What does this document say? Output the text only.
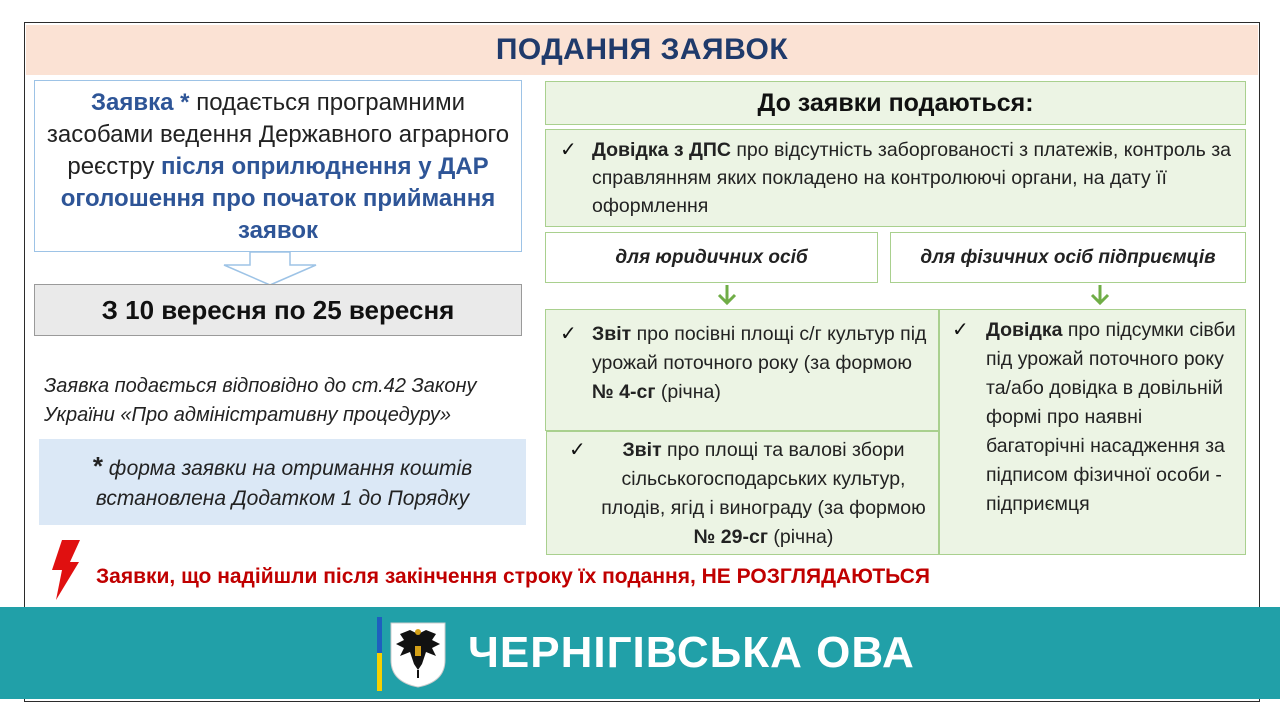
ПОДАННЯ ЗАЯВОК
Заявка * подається програмними засобами ведення Державного аграрного реєстру після оприлюднення у ДАР оголошення про початок приймання заявок
З 10 вересня по 25 вересня
Заявка подається відповідно до ст.42 Закону України «Про адміністративну процедуру»
* форма заявки на отримання коштів встановлена Додатком 1 до Порядку
До заявки подаються:
✓ Довідка з ДПС про відсутність заборгованості з платежів, контроль за справлянням яких покладено на контролюючі органи, на дату її оформлення
для юридичних осіб	для фізичних осіб підприємців
✓ Звіт про посівні площі с/г культур під урожай поточного року (за формою № 4-сг (річна)
✓ Звіт про площі та валові збори сільськогосподарських культур, плодів, ягід і винограду (за формою № 29-сг (річна)
✓ Довідка про підсумки сівби під урожай поточного року та/або довідка в довільній формі про наявні багаторічні насадження за підписом фізичної особи - підприємця
Заявки, що надійшли після закінчення строку їх подання, НЕ РОЗГЛЯДАЮТЬСЯ
ЧЕРНІГІВСЬКА ОВА
